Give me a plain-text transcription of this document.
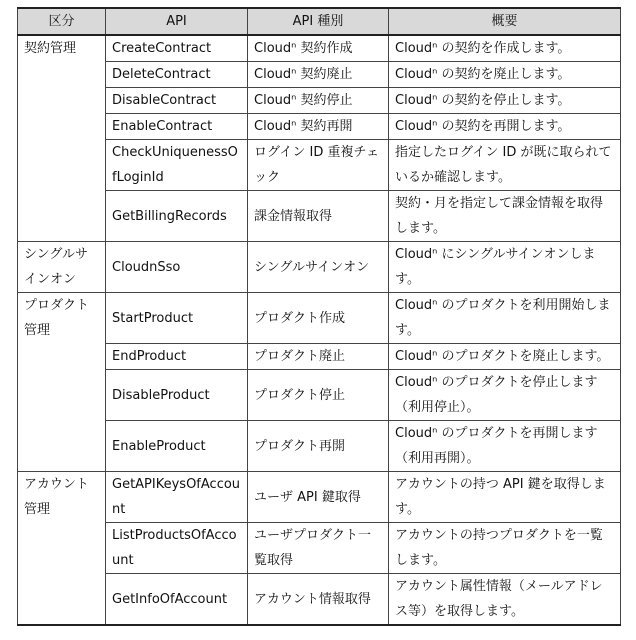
区分	API	API 種別	概要
契約管理	CreateContract	Cloudⁿ 契約作成	Cloudⁿ の契約を作成します。
	DeleteContract	Cloudⁿ 契約廃止	Cloudⁿ の契約を廃止します。
	DisableContract	Cloudⁿ 契約停止	Cloudⁿ の契約を停止します。
	EnableContract	Cloudⁿ 契約再開	Cloudⁿ の契約を再開します。
	CheckUniquenessOfLoginId	ログイン ID 重複チェック	指定したログイン ID が既に取られているか確認します。
	GetBillingRecords	課金情報取得	契約・月を指定して課金情報を取得します。
シングルサインオン	CloudnSso	シングルサインオン	Cloudⁿ にシングルサインオンします。
プロダクト管理	StartProduct	プロダクト作成	Cloudⁿ のプロダクトを利用開始します。
	EndProduct	プロダクト廃止	Cloudⁿ のプロダクトを廃止します。
	DisableProduct	プロダクト停止	Cloudⁿ のプロダクトを停止します（利用停止）。
	EnableProduct	プロダクト再開	Cloudⁿ のプロダクトを再開します（利用再開）。
アカウント管理	GetAPIKeysOfAccount	ユーザ API 鍵取得	アカウントの持つ API 鍵を取得します。
	ListProductsOfAccount	ユーザプロダクト一覧取得	アカウントの持つプロダクトを一覧します。
	GetInfoOfAccount	アカウント情報取得	アカウント属性情報（メールアドレス等）を取得します。
